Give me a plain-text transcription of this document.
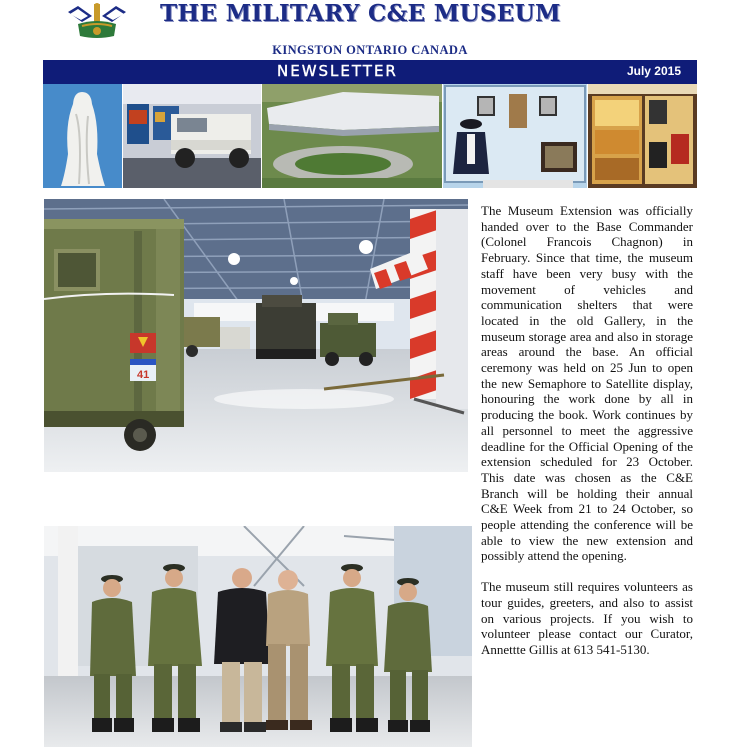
THE MILITARY C&E MUSEUM
KINGSTON ONTARIO CANADA
NEWSLETTER	July 2015
41

The Museum Extension was officially handed over to the Base Commander (Colonel Francois Chagnon) in February. Since that time, the museum staff have been very busy with the movement of vehicles and communication shelters that were located in the old Gallery, in the museum storage area and also in storage areas around the base. An official ceremony was held on 25 Jun to open the new Semaphore to Satellite display, honouring the work done by all in producing the book. Work continues by all personnel to meet the aggressive deadline for the Official Opening of the extension scheduled for 23 October. This date was chosen as the C&E Branch will be holding their annual C&E Week from 21 to 24 October, so people attending the conference will be able to view the new extension and possibly attend the opening.

The museum still requires volunteers as tour guides, greeters, and also to assist on various projects. If you wish to volunteer please contact our Curator, Annettte Gillis at 613 541-5130.
